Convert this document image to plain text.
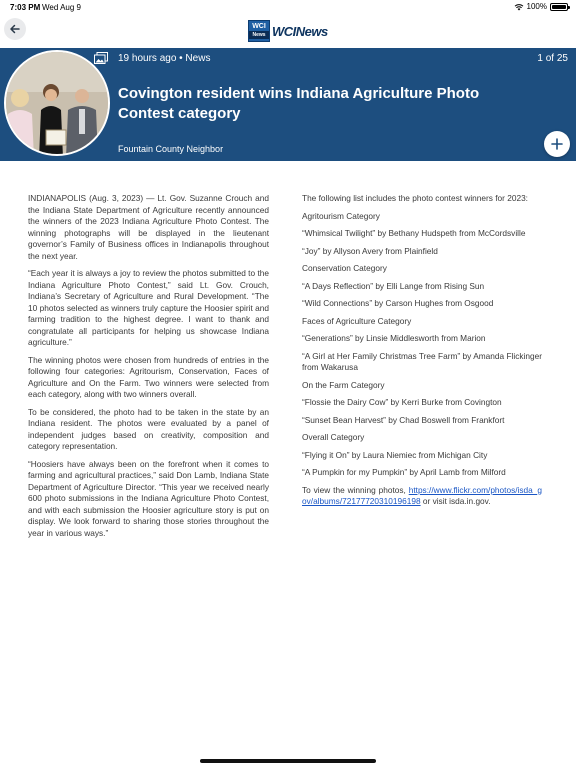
7:03 PM Wed Aug 9	100%
WCI
News WCINews
19 hours ago • News	1 of 25
Covington resident wins Indiana Agriculture Photo Contest category
Fountain County Neighbor

INDIANAPOLIS (Aug. 3, 2023) — Lt. Gov. Suzanne Crouch and the Indiana State Department of Agriculture recently announced the winners of the 2023 Indiana Agriculture Photo Contest. The winning photographs will be displayed in the lieutenant governor’s Family of Business offices in Indianapolis throughout the next year.

“Each year it is always a joy to review the photos submitted to the Indiana Agriculture Photo Contest,” said Lt. Gov. Crouch, Indiana’s Secretary of Agriculture and Rural Development. “The 10 photos selected as winners truly capture the Hoosier spirit and farming tradition to the highest degree. I want to thank and congratulate all participants for helping us showcase Indiana agriculture.”

The winning photos were chosen from hundreds of entries in the following four categories: Agritourism, Conservation, Faces of Agriculture and On the Farm. Two winners were selected from each category, along with two winners overall.

To be considered, the photo had to be taken in the state by an Indiana resident. The photos were evaluated by a panel of independent judges based on creativity, composition and category representation.

“Hoosiers have always been on the forefront when it comes to farming and agricultural practices,” said Don Lamb, Indiana State Department of Agriculture Director. “This year we received nearly 600 photo submissions in the Indiana Agriculture Photo Contest, and with each submission the Hoosier agriculture story is put on display. We look forward to sharing those stories throughout the year in various ways.”

The following list includes the photo contest winners for 2023:

Agritourism Category

“Whimsical Twilight” by Bethany Hudspeth from McCordsville

“Joy” by Allyson Avery from Plainfield

Conservation Category

“A Days Reflection” by Elli Lange from Rising Sun

“Wild Connections” by Carson Hughes from Osgood

Faces of Agriculture Category

“Generations” by Linsie Middlesworth from Marion

“A Girl at Her Family Christmas Tree Farm” by Amanda Flickinger from Wakarusa

On the Farm Category

“Flossie the Dairy Cow” by Kerri Burke from Covington

“Sunset Bean Harvest” by Chad Boswell from Frankfort

Overall Category

“Flying it On” by Laura Niemiec from Michigan City

“A Pumpkin for my Pumpkin” by April Lamb from Milford

To view the winning photos, https://www.flickr.com/photos/isda_gov/albums/72177720310196198 or visit isda.in.gov.
